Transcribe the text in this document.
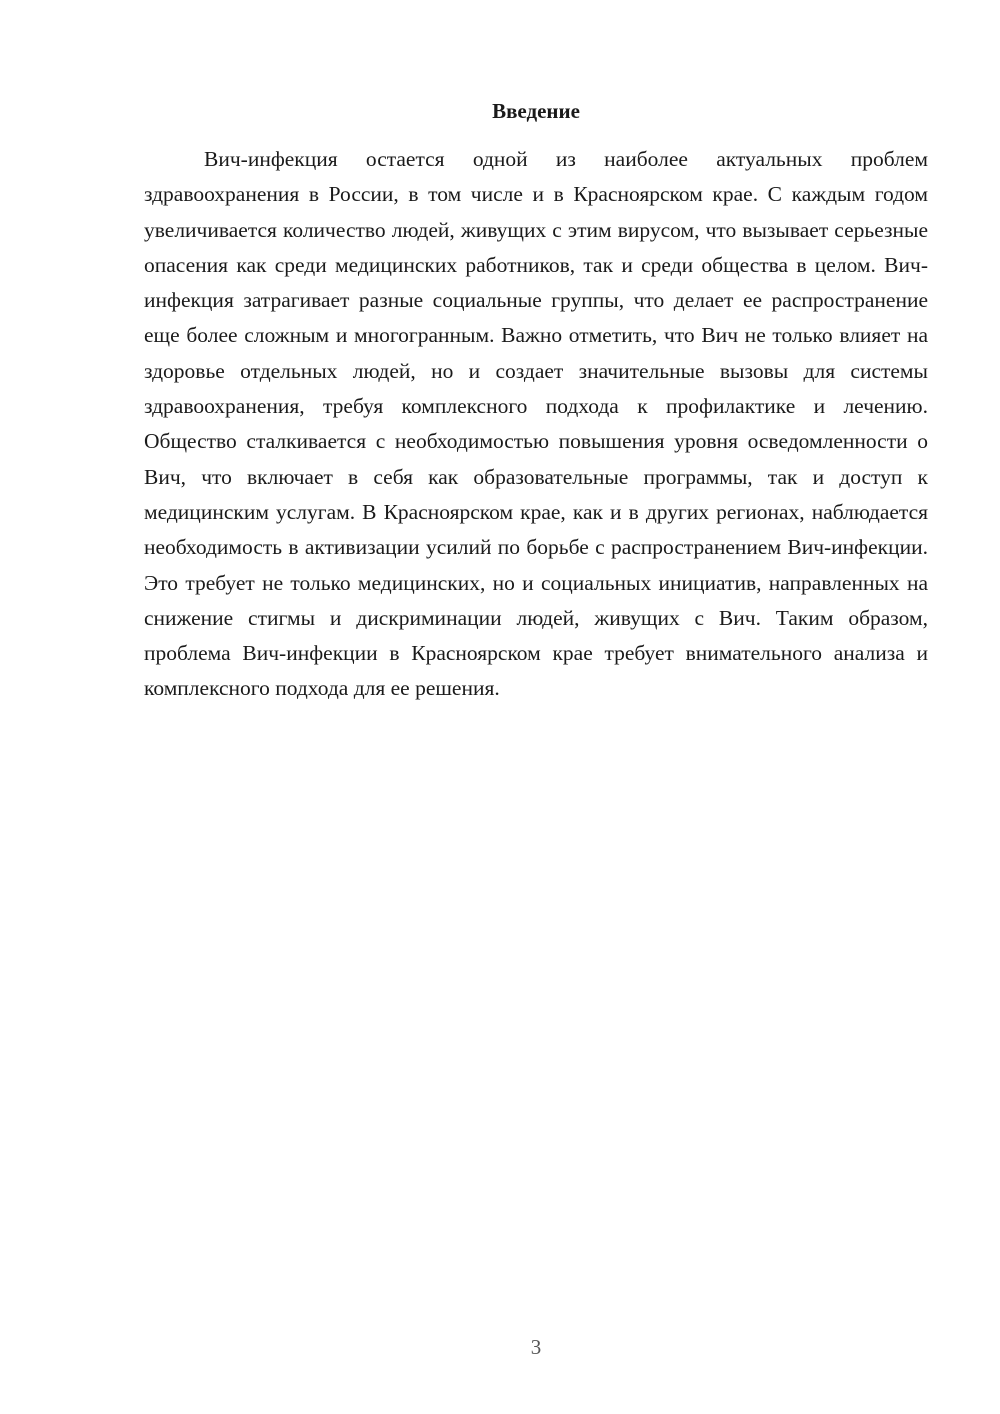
Введение

Вич-инфекция остается одной из наиболее актуальных проблем здравоохранения в России, в том числе и в Красноярском крае. С каждым годом увеличивается количество людей, живущих с этим вирусом, что вызывает серьезные опасения как среди медицинских работников, так и среди общества в целом. Вич-инфекция затрагивает разные социальные группы, что делает ее распространение еще более сложным и многогранным. Важно отметить, что Вич не только влияет на здоровье отдельных людей, но и создает значительные вызовы для системы здравоохранения, требуя комплексного подхода к профилактике и лечению. Общество сталкивается с необходимостью повышения уровня осведомленности о Вич, что включает в себя как образовательные программы, так и доступ к медицинским услугам. В Красноярском крае, как и в других регионах, наблюдается необходимость в активизации усилий по борьбе с распространением Вич-инфекции. Это требует не только медицинских, но и социальных инициатив, направленных на снижение стигмы и дискриминации людей, живущих с Вич. Таким образом, проблема Вич-инфекции в Красноярском крае требует внимательного анализа и комплексного подхода для ее решения.

3
